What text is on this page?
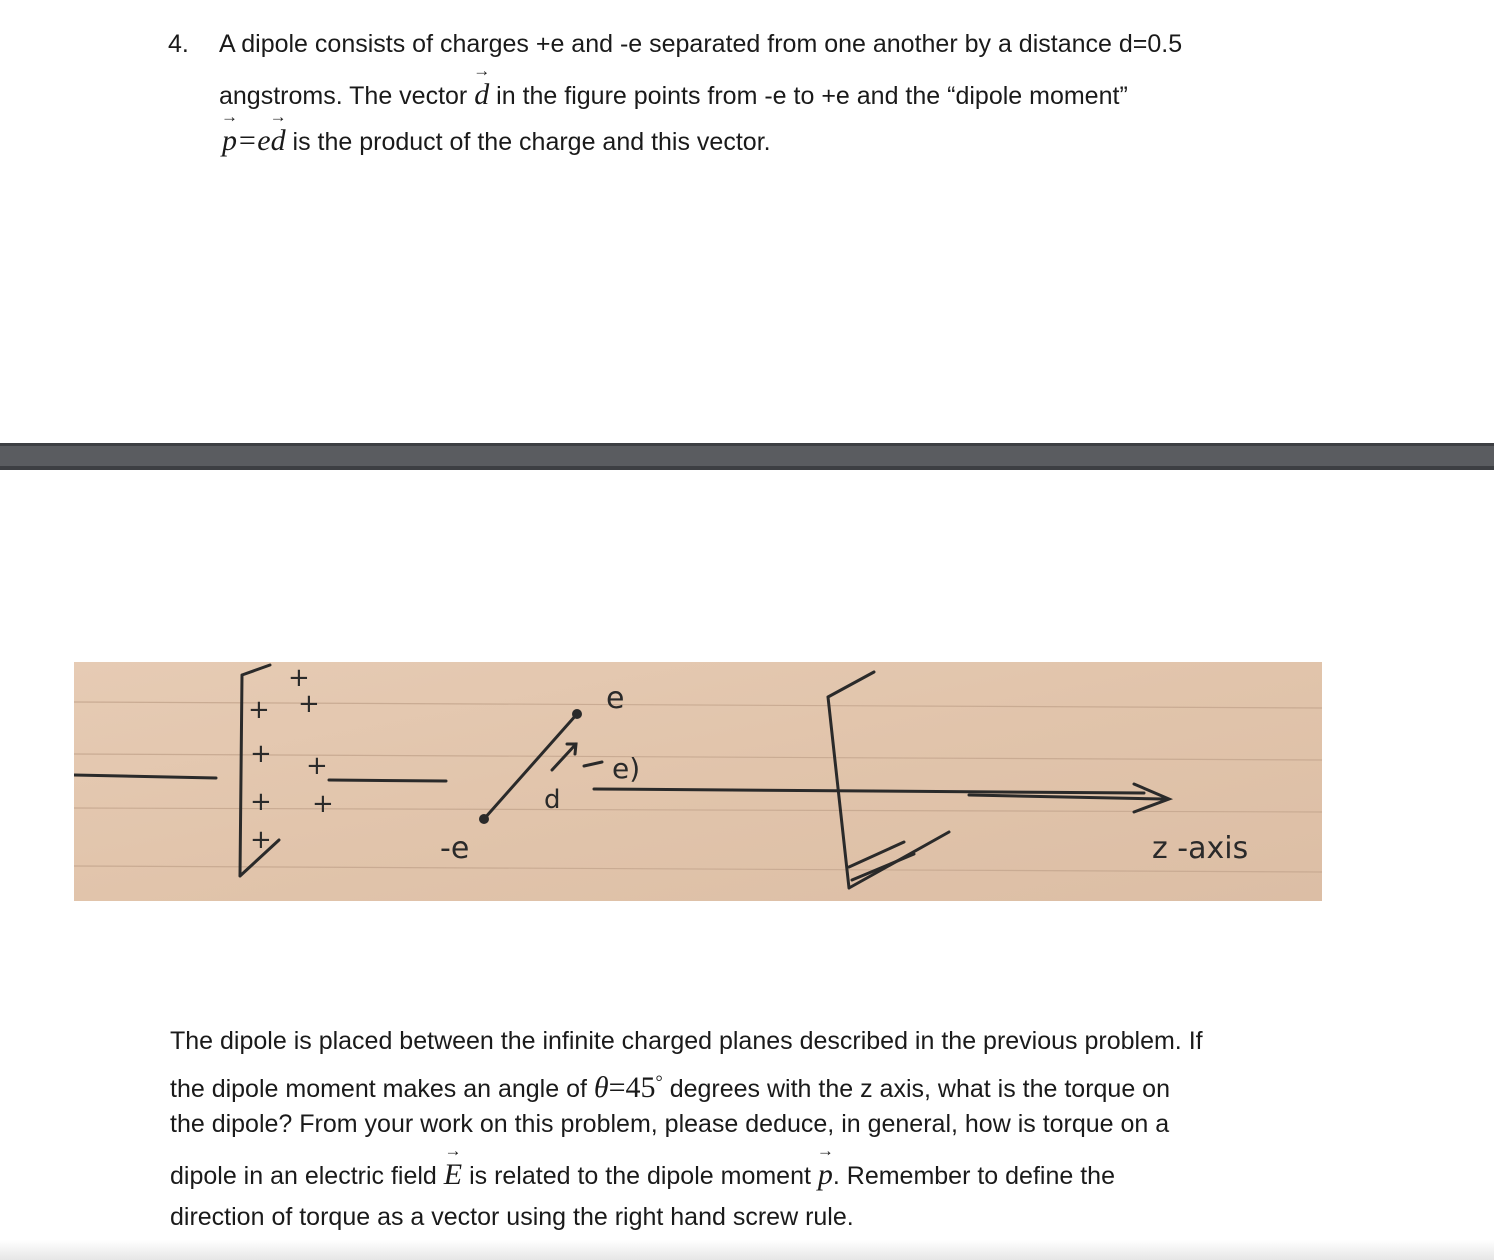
4. A dipole consists of charges +e and -e separated from one another by a distance d=0.5
angstroms. The vector → d in the figure points from -e to +e and the “dipole moment”
→ p=e→ d is the product of the charge and this vector.
+
+
+ +
+ +
+
+	e
e)
-e
d
z -axis
The dipole is placed between the infinite charged planes described in the previous problem. If
the dipole moment makes an angle of θ=45° degrees with the z axis, what is the torque on
the dipole? From your work on this problem, please deduce, in general, how is torque on a
dipole in an electric field → E is related to the dipole moment → p. Remember to define the
direction of torque as a vector using the right hand screw rule.
